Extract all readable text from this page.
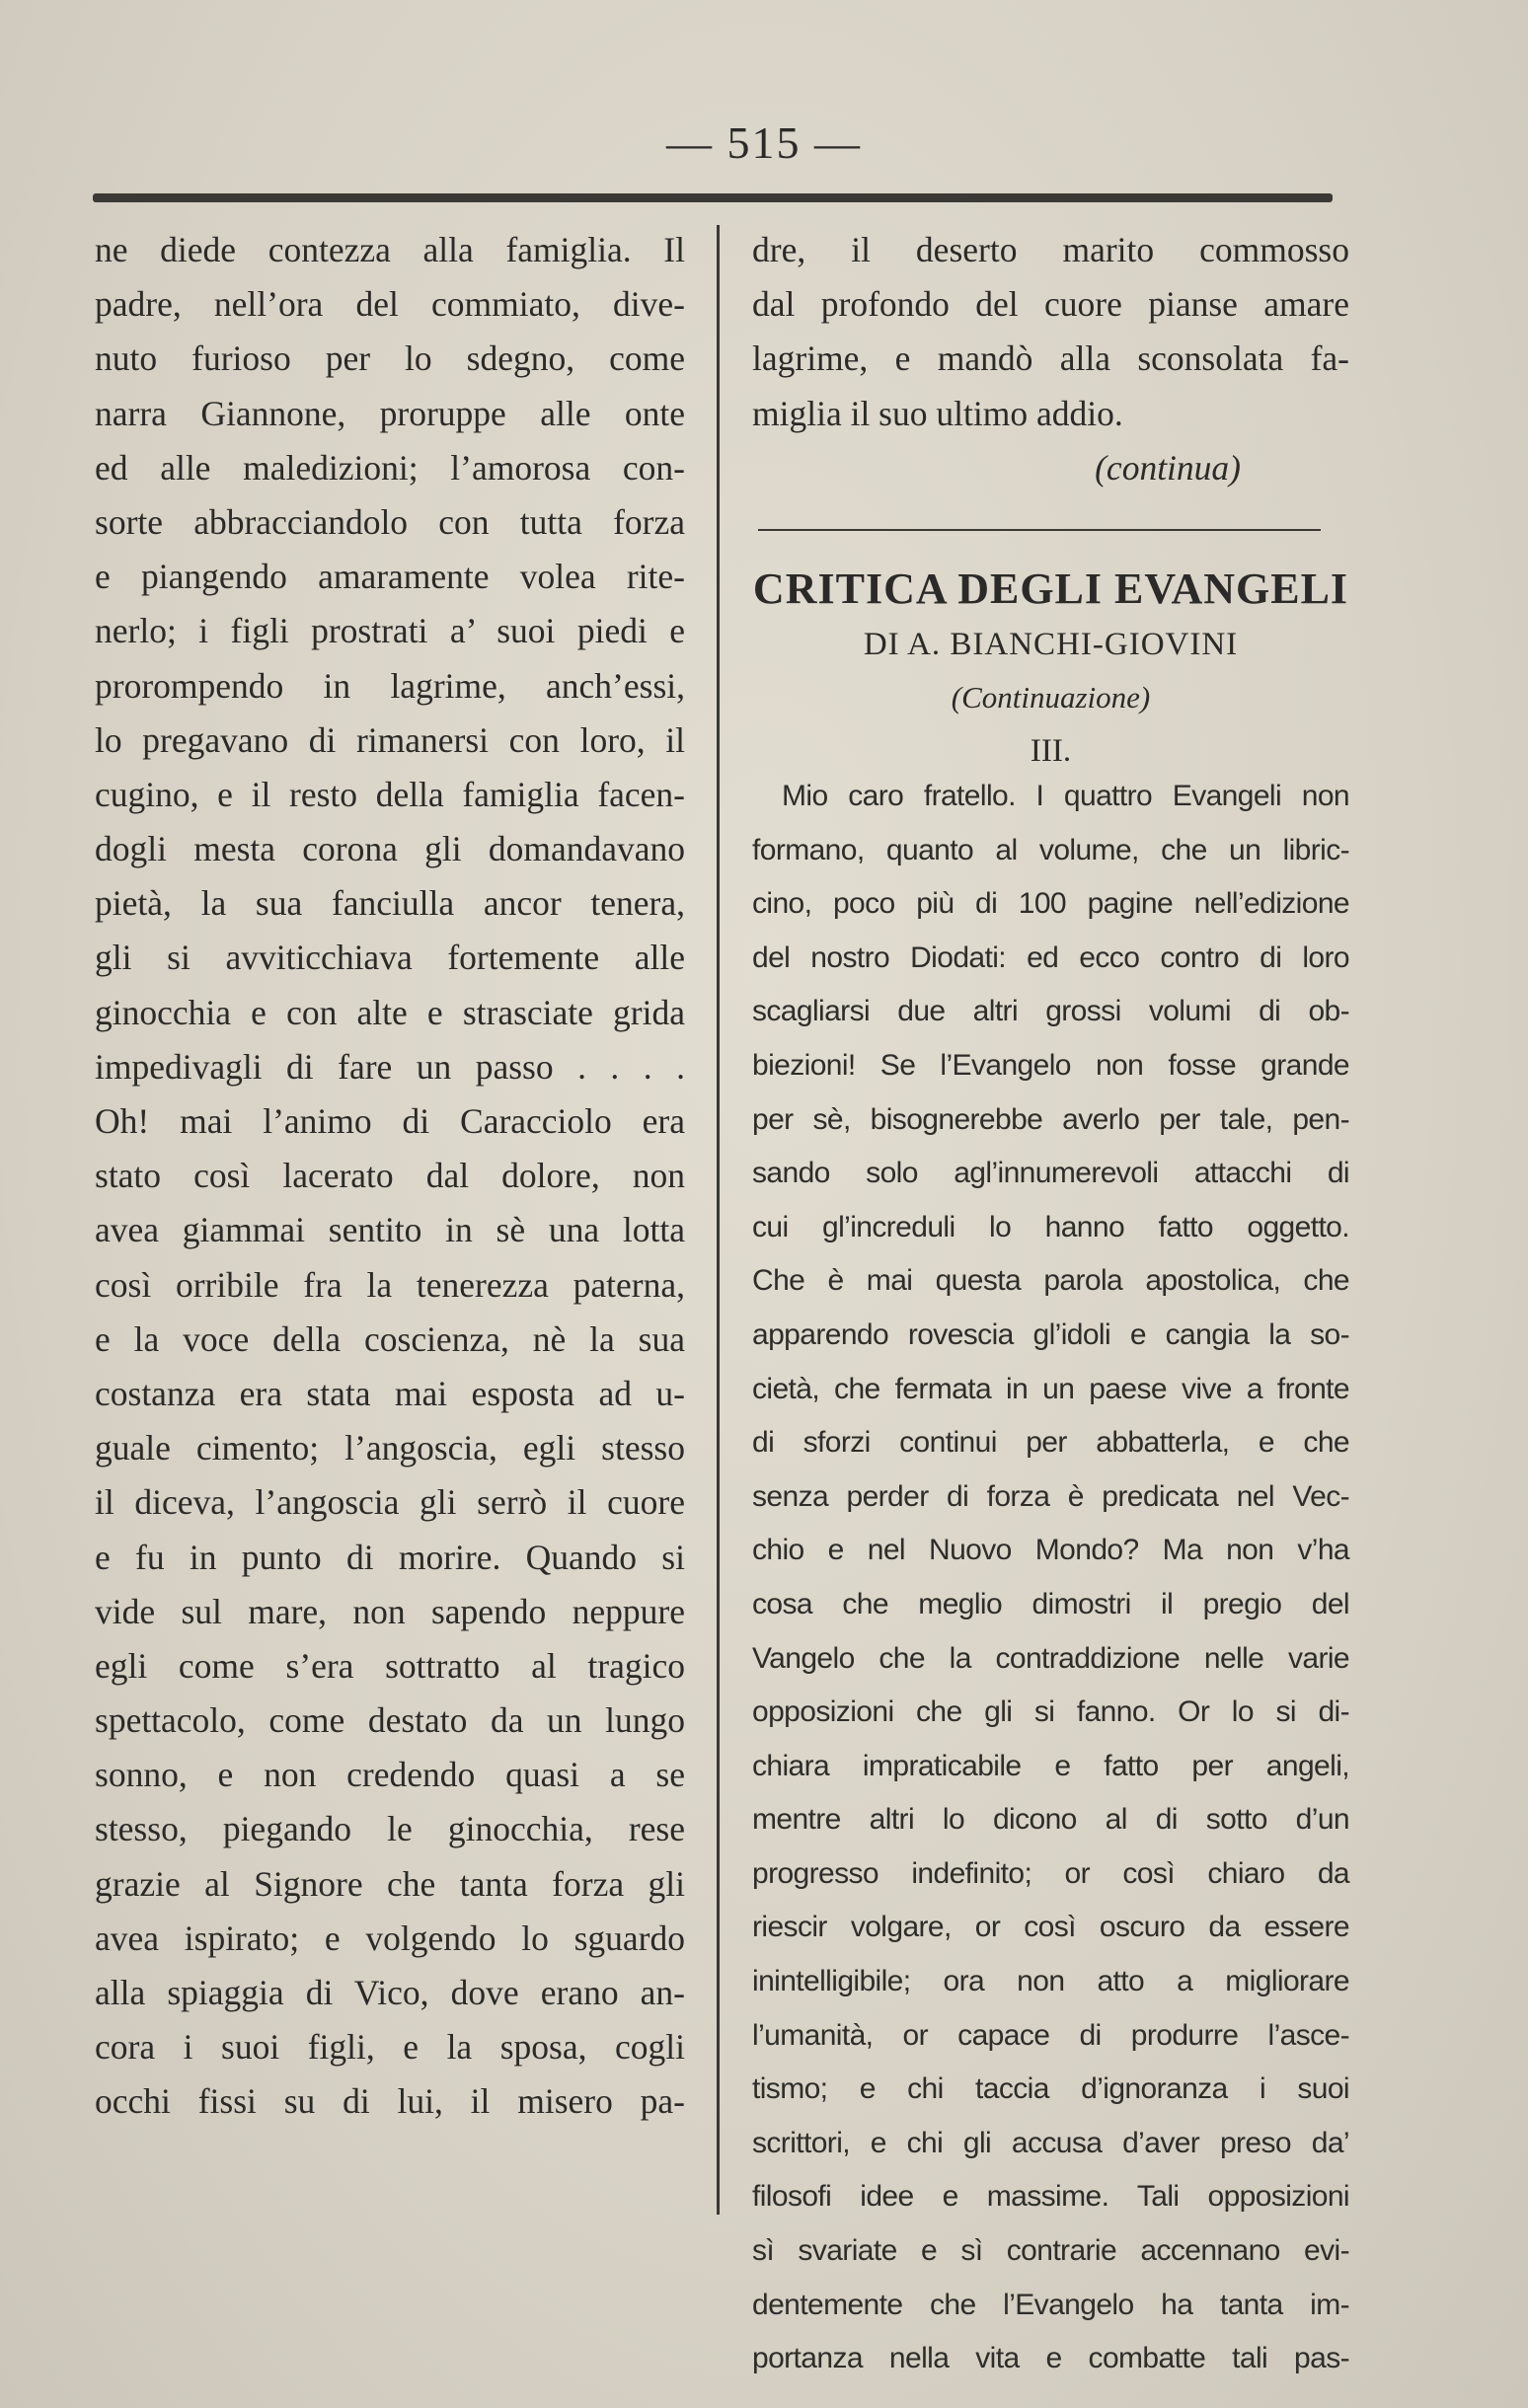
— 515 —
ne diede contezza alla famiglia. Il
padre, nell’ora del commiato, dive-
nuto furioso per lo sdegno, come
narra Giannone, proruppe alle onte
ed alle maledizioni; l’amorosa con-
sorte abbracciandolo con tutta forza
e piangendo amaramente volea rite-
nerlo; i figli prostrati a’ suoi piedi e
prorompendo in lagrime, anch’essi,
lo pregavano di rimanersi con loro, il
cugino, e il resto della famiglia facen-
dogli mesta corona gli domandavano
pietà, la sua fanciulla ancor tenera,
gli si avviticchiava fortemente alle
ginocchia e con alte e strasciate grida
impedivagli di fare un passo . . . .
Oh! mai l’animo di Caracciolo era
stato così lacerato dal dolore, non
avea giammai sentito in sè una lotta
così orribile fra la tenerezza paterna,
e la voce della coscienza, nè la sua
costanza era stata mai esposta ad u-
guale cimento; l’angoscia, egli stesso
il diceva, l’angoscia gli serrò il cuore
e fu in punto di morire. Quando si
vide sul mare, non sapendo neppure
egli come s’era sottratto al tragico
spettacolo, come destato da un lungo
sonno, e non credendo quasi a se
stesso, piegando le ginocchia, rese
grazie al Signore che tanta forza gli
avea ispirato; e volgendo lo sguardo
alla spiaggia di Vico, dove erano an-
cora i suoi figli, e la sposa, cogli
occhi fissi su di lui, il misero pa-
dre, il deserto marito commosso
dal profondo del cuore pianse amare
lagrime, e mandò alla sconsolata fa-
miglia il suo ultimo addio.
(continua)
CRITICA DEGLI EVANGELI
DI A. BIANCHI-GIOVINI
(Continuazione)
III.
Mio caro fratello. I quattro Evangeli non
formano, quanto al volume, che un libric-
cino, poco più di 100 pagine nell’edizione
del nostro Diodati: ed ecco contro di loro
scagliarsi due altri grossi volumi di ob-
biezioni! Se l’Evangelo non fosse grande
per sè, bisognerebbe averlo per tale, pen-
sando solo agl’innumerevoli attacchi di
cui gl’increduli lo hanno fatto oggetto.
Che è mai questa parola apostolica, che
apparendo rovescia gl’idoli e cangia la so-
cietà, che fermata in un paese vive a fronte
di sforzi continui per abbatterla, e che
senza perder di forza è predicata nel Vec-
chio e nel Nuovo Mondo? Ma non v’ha
cosa che meglio dimostri il pregio del
Vangelo che la contraddizione nelle varie
opposizioni che gli si fanno. Or lo si di-
chiara impraticabile e fatto per angeli,
mentre altri lo dicono al di sotto d’un
progresso indefinito; or così chiaro da
riescir volgare, or così oscuro da essere
inintelligibile; ora non atto a migliorare
l’umanità, or capace di produrre l’asce-
tismo; e chi taccia d’ignoranza i suoi
scrittori, e chi gli accusa d’aver preso da’
filosofi idee e massime. Tali opposizioni
sì svariate e sì contrarie accennano evi-
dentemente che l’Evangelo ha tanta im-
portanza nella vita e combatte tali pas-
